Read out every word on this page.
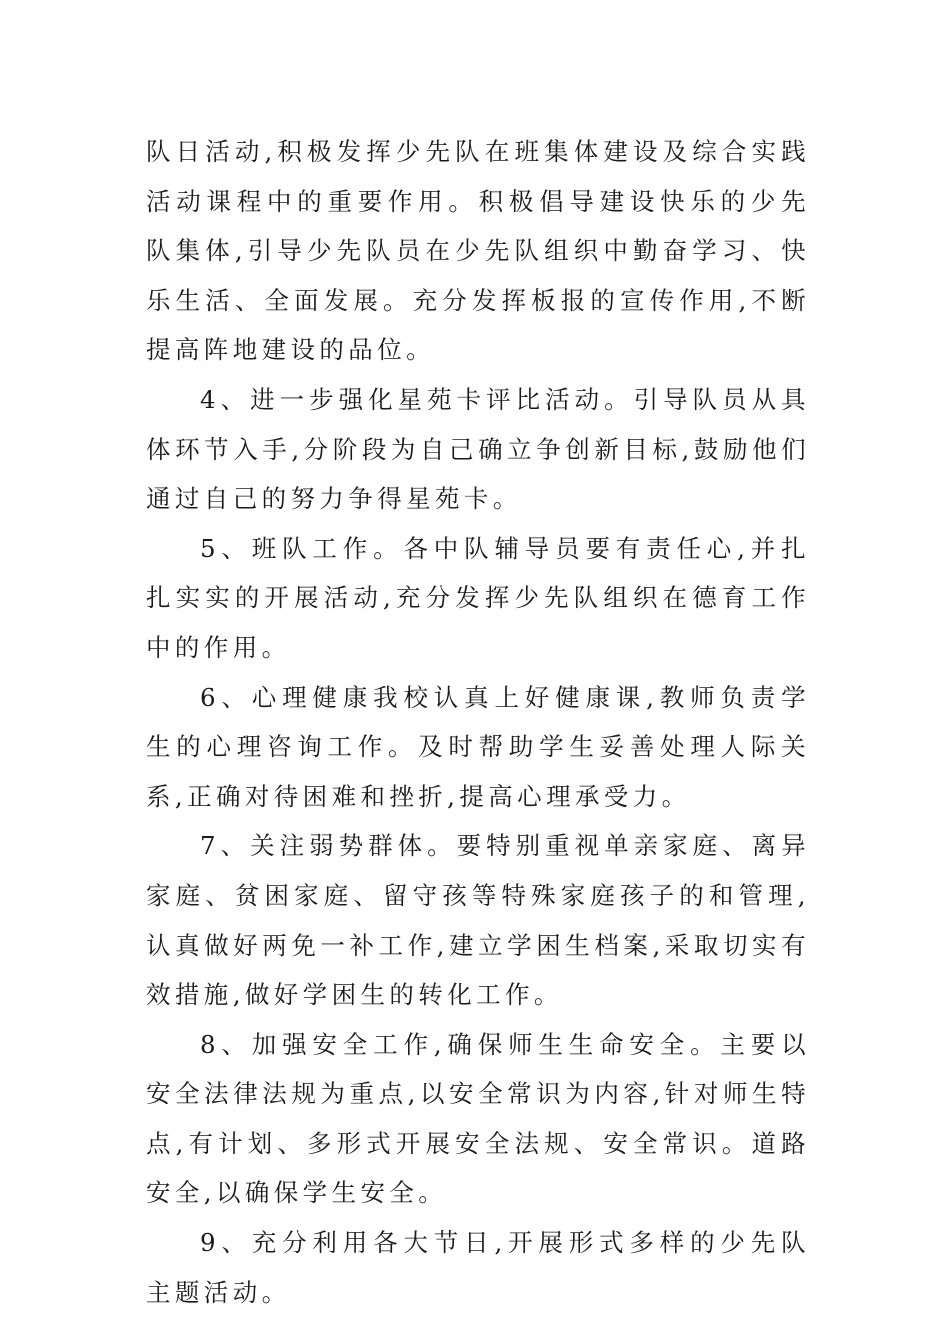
队日活动,积极发挥少先队在班集体建设及综合实践活动课程中的重要作用。积极倡导建设快乐的少先队集体,引导少先队员在少先队组织中勤奋学习、快乐生活、全面发展。充分发挥板报的宣传作用,不断提高阵地建设的品位。

4、进一步强化星苑卡评比活动。引导队员从具体环节入手,分阶段为自己确立争创新目标,鼓励他们通过自己的努力争得星苑卡。

5、班队工作。各中队辅导员要有责任心,并扎扎实实的开展活动,充分发挥少先队组织在德育工作中的作用。

6、心理健康我校认真上好健康课,教师负责学生的心理咨询工作。及时帮助学生妥善处理人际关系,正确对待困难和挫折,提高心理承受力。

7、关注弱势群体。要特别重视单亲家庭、离异家庭、贫困家庭、留守孩等特殊家庭孩子的和管理,认真做好两免一补工作,建立学困生档案,采取切实有效措施,做好学困生的转化工作。

8、加强安全工作,确保师生生命安全。主要以安全法律法规为重点,以安全常识为内容,针对师生特点,有计划、多形式开展安全法规、安全常识。道路安全,以确保学生安全。

9、充分利用各大节日,开展形式多样的少先队主题活动。
